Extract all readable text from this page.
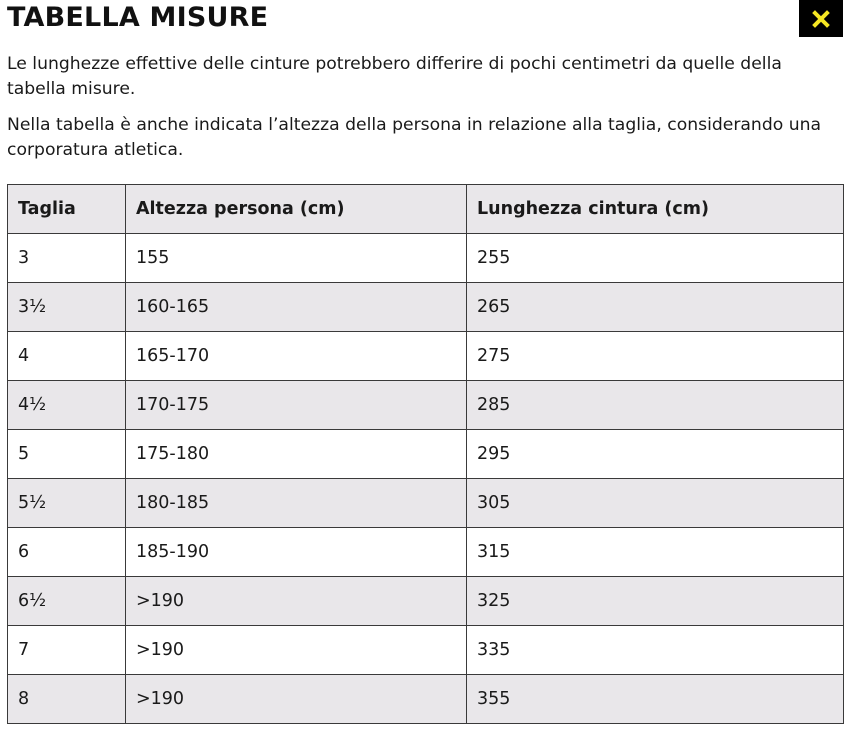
TABELLA MISURE

Le lunghezze effettive delle cinture potrebbero differire di pochi centimetri da quelle della tabella misure.

Nella tabella è anche indicata l’altezza della persona in relazione alla taglia, considerando una corporatura atletica.

Taglia	Altezza persona (cm)	Lunghezza cintura (cm)
3	155	255
3½	160-165	265
4	165-170	275
4½	170-175	285
5	175-180	295
5½	180-185	305
6	185-190	315
6½	>190	325
7	>190	335
8	>190	355
